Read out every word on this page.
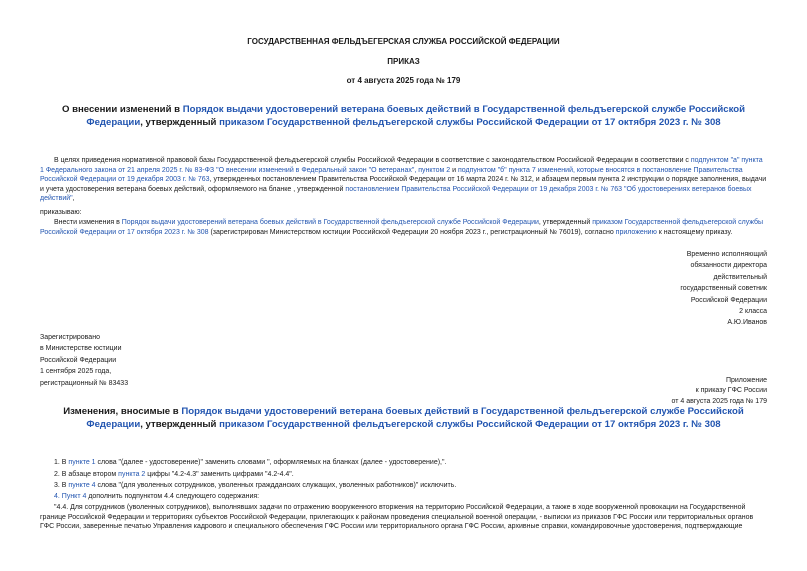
ГОСУДАРСТВЕННАЯ ФЕЛЬДЪЕГЕРСКАЯ СЛУЖБА РОССИЙСКОЙ ФЕДЕРАЦИИ
ПРИКАЗ
от 4 августа 2025 года № 179
О внесении изменений в Порядок выдачи удостоверений ветерана боевых действий в Государственной фельдъегерской службе Российской Федерации, утвержденный приказом Государственной фельдъегерской службы Российской Федерации от 17 октября 2023 г. № 308
В целях приведения нормативной правовой базы Государственной фельдъегерской службы Российской Федерации в соответствие с законодательством Российской Федерации в соответствии с подпунктом "а" пункта 1 Федерального закона от 21 апреля 2025 г. № 83-ФЗ "О внесении изменений в Федеральный закон "О ветеранах", пунктом 2 и подпунктом "б" пункта 7 изменений, которые вносятся в постановление Правительства Российской Федерации от 19 декабря 2003 г. № 763, утвержденных постановлением Правительства Российской Федерации от 16 марта 2024 г. № 312, и абзацем первым пункта 2 инструкции о порядке заполнения, выдачи и учета удостоверения ветерана боевых действий, оформляемого на бланке , утвержденной постановлением Правительства Российской Федерации от 19 декабря 2003 г. № 763 "Об удостоверениях ветеранов боевых действий",
приказываю:
Внести изменения в Порядок выдачи удостоверений ветерана боевых действий в Государственной фельдъегерской службе Российской Федерации, утвержденный приказом Государственной фельдъегерской службы Российской Федерации от 17 октября 2023 г. № 308 (зарегистрирован Министерством юстиции Российской Федерации 20 ноября 2023 г., регистрационный № 76019), согласно приложению к настоящему приказу.
Временно исполняющий
обязанности директора
действительный
государственный советник
Российской Федерации
2 класса
А.Ю.Иванов
Зарегистрировано
в Министерстве юстиции
Российской Федерации
1 сентября 2025 года,
регистрационный № 83433	Приложение
к приказу ГФС России
от 4 августа 2025 года № 179
Изменения, вносимые в Порядок выдачи удостоверений ветерана боевых действий в Государственной фельдъегерской службе Российской Федерации, утвержденный приказом Государственной фельдъегерской службы Российской Федерации от 17 октября 2023 г. № 308
1. В пункте 1 слова "(далее - удостоверение)" заменить словами ", оформляемых на бланках (далее - удостоверение),".
2. В абзаце втором пункта 2 цифры "4.2-4.3" заменить цифрами "4.2-4.4".
3. В пункте 4 слова "(для уволенных сотрудников, уволенных граждданских служащих, уволенных работников)" исключить.
4. Пункт 4 дополнить подпунктом 4.4 следующего содержания:
"4.4. Для сотрудников (уволенных сотрудников), выполнявших задачи по отражению вооруженного вторжения на территорию Российской Федерации, а также в ходе вооруженной провокации на Государственной границе Российской Федерации и территориях субъектов Российской Федерации, прилегающих к районам проведения специальной военной операции, - выписки из приказов ГФС России или территориальных органов ГФС России, заверенные печатью Управления кадрового и специального обеспечения ГФС России или территориального органа ГФС России, архивные справки, командировочные удостоверения, подтверждающие
